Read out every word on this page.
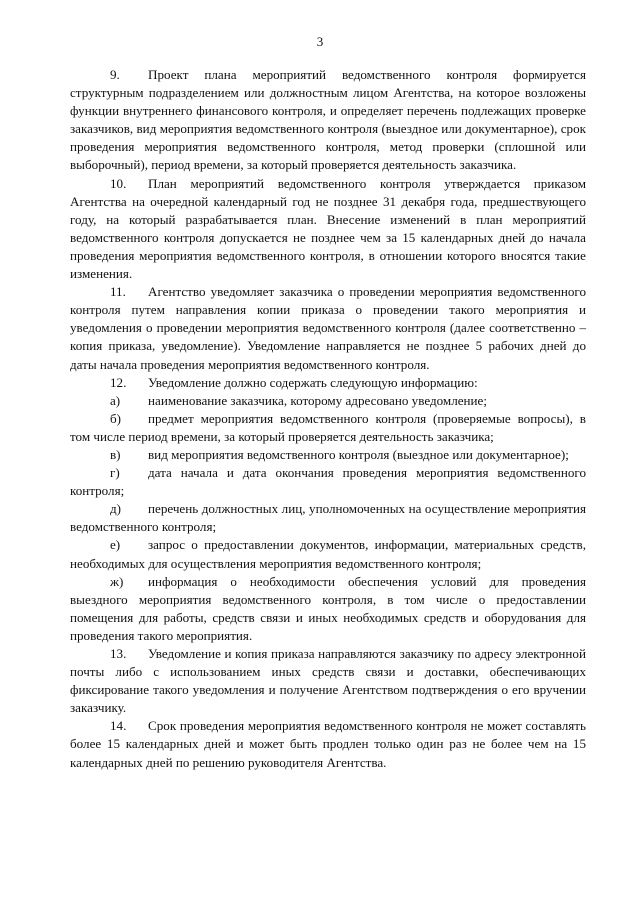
3

9. Проект плана мероприятий ведомственного контроля формируется структурным подразделением или должностным лицом Агентства, на которое возложены функции внутреннего финансового контроля, и определяет перечень подлежащих проверке заказчиков, вид мероприятия ведомственного контроля (выездное или документарное), срок проведения мероприятия ведомственного контроля, метод проверки (сплошной или выборочный), период времени, за который проверяется деятельность заказчика.

10. План мероприятий ведомственного контроля утверждается приказом Агентства на очередной календарный год не позднее 31 декабря года, предшествующего году, на который разрабатывается план. Внесение изменений в план мероприятий ведомственного контроля допускается не позднее чем за 15 календарных дней до начала проведения мероприятия ведомственного контроля, в отношении которого вносятся такие изменения.

11. Агентство уведомляет заказчика о проведении мероприятия ведомственного контроля путем направления копии приказа о проведении такого мероприятия и уведомления о проведении мероприятия ведомственного контроля (далее соответственно – копия приказа, уведомление). Уведомление направляется не позднее 5 рабочих дней до даты начала проведения мероприятия ведомственного контроля.

12. Уведомление должно содержать следующую информацию:

а) наименование заказчика, которому адресовано уведомление;

б) предмет мероприятия ведомственного контроля (проверяемые вопросы), в том числе период времени, за который проверяется деятельность заказчика;

в) вид мероприятия ведомственного контроля (выездное или документарное);

г) дата начала и дата окончания проведения мероприятия ведомственного контроля;

д) перечень должностных лиц, уполномоченных на осуществление мероприятия ведомственного контроля;

е) запрос о предоставлении документов, информации, материальных средств, необходимых для осуществления мероприятия ведомственного контроля;

ж) информация о необходимости обеспечения условий для проведения выездного мероприятия ведомственного контроля, в том числе о предоставлении помещения для работы, средств связи и иных необходимых средств и оборудования для проведения такого мероприятия.

13. Уведомление и копия приказа направляются заказчику по адресу электронной почты либо с использованием иных средств связи и доставки, обеспечивающих фиксирование такого уведомления и получение Агентством подтверждения о его вручении заказчику.

14. Срок проведения мероприятия ведомственного контроля не может составлять более 15 календарных дней и может быть продлен только один раз не более чем на 15 календарных дней по решению руководителя Агентства.
